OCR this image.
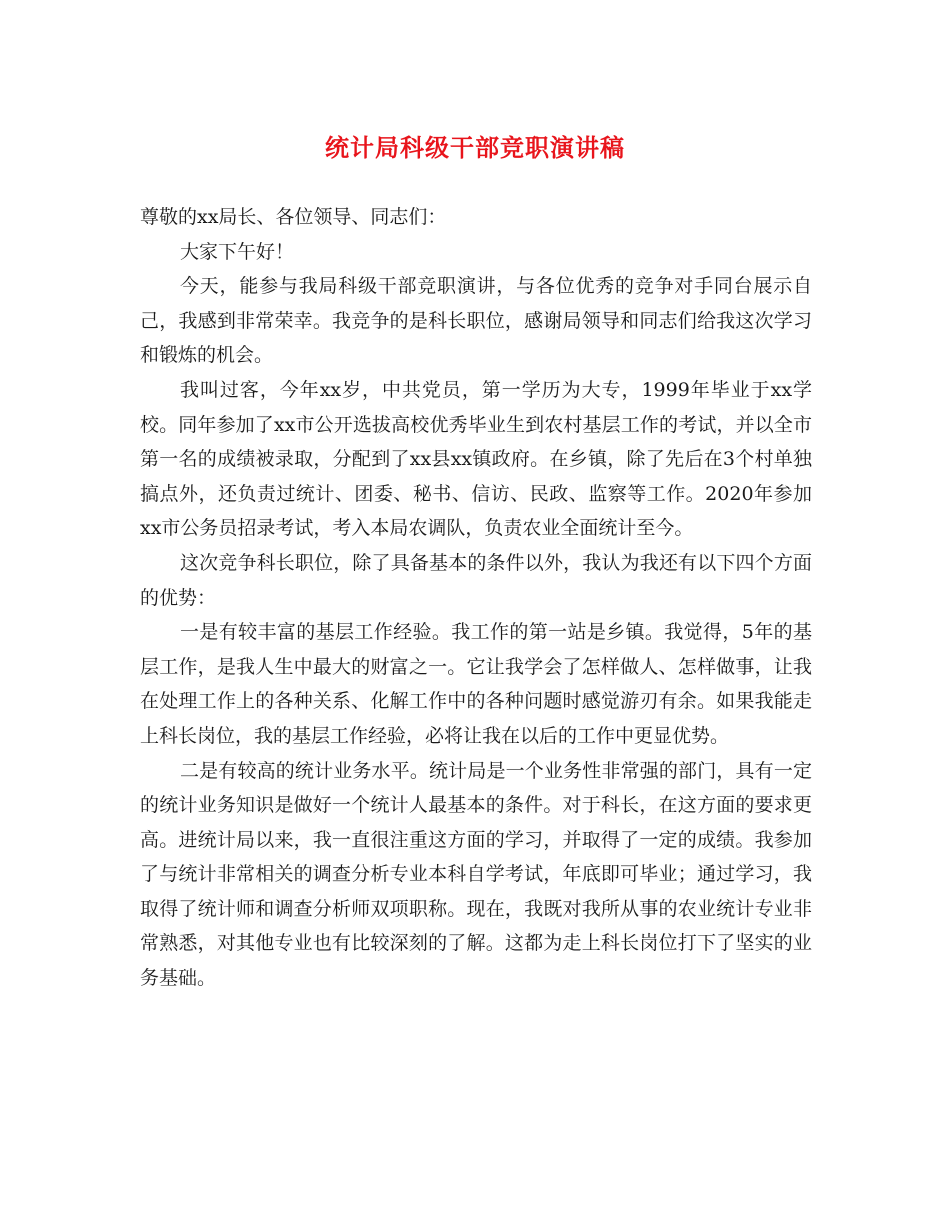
统计局科级干部竞职演讲稿

尊敬的xx局长、各位领导、同志们：

大家下午好！

今天，能参与我局科级干部竞职演讲，与各位优秀的竞争对手同台展示自己，我感到非常荣幸。我竞争的是科长职位，感谢局领导和同志们给我这次学习和锻炼的机会。

我叫过客，今年xx岁，中共党员，第一学历为大专，1999年毕业于xx学校。同年参加了xx市公开选拔高校优秀毕业生到农村基层工作的考试，并以全市第一名的成绩被录取，分配到了xx县xx镇政府。在乡镇，除了先后在3个村单独搞点外，还负责过统计、团委、秘书、信访、民政、监察等工作。2020年参加xx市公务员招录考试，考入本局农调队，负责农业全面统计至今。

这次竞争科长职位，除了具备基本的条件以外，我认为我还有以下四个方面的优势：

一是有较丰富的基层工作经验。我工作的第一站是乡镇。我觉得，5年的基层工作，是我人生中最大的财富之一。它让我学会了怎样做人、怎样做事，让我在处理工作上的各种关系、化解工作中的各种问题时感觉游刃有余。如果我能走上科长岗位，我的基层工作经验，必将让我在以后的工作中更显优势。

二是有较高的统计业务水平。统计局是一个业务性非常强的部门，具有一定的统计业务知识是做好一个统计人最基本的条件。对于科长，在这方面的要求更高。进统计局以来，我一直很注重这方面的学习，并取得了一定的成绩。我参加了与统计非常相关的调查分析专业本科自学考试，年底即可毕业；通过学习，我取得了统计师和调查分析师双项职称。现在，我既对我所从事的农业统计专业非常熟悉，对其他专业也有比较深刻的了解。这都为走上科长岗位打下了坚实的业务基础。
